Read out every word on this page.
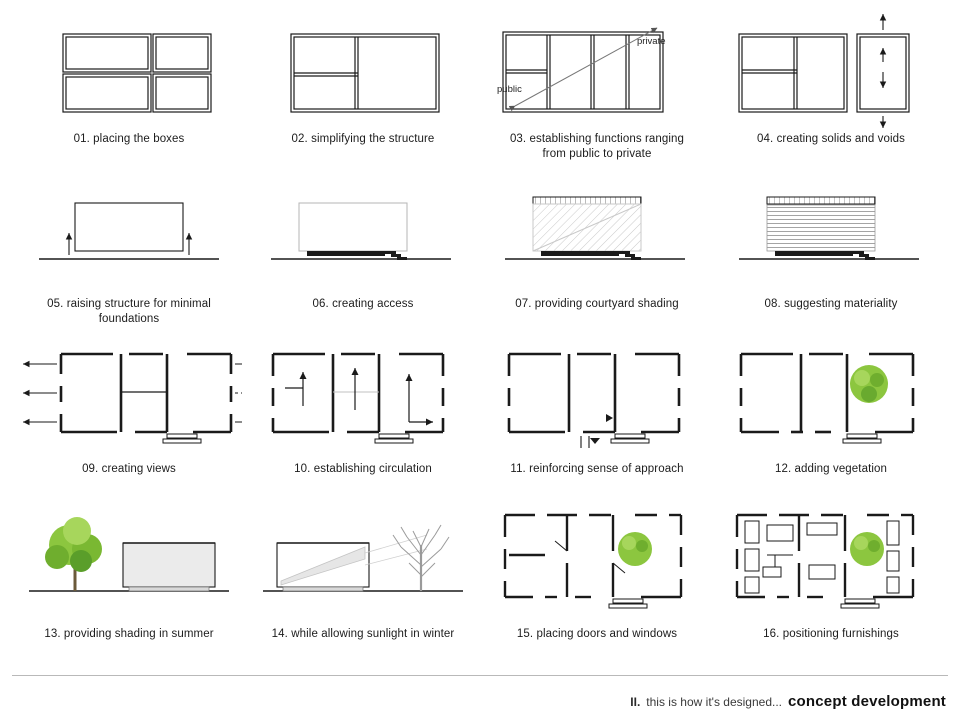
01. placing the boxes	02. simplifying the structure
public
private
03. establishing functions ranging
from public to private
04. creating solids and voids
05. raising structure for minimal
foundations
06. creating access	07. providing courtyard shading	08. suggesting materiality
09. creating views	10. establishing circulation	11. reinforcing sense of approach	12. adding vegetation
13. providing shading in summer	14. while allowing sunlight in winter	15. placing doors and windows	16. positioning furnishings
II. this is how it's designed... concept development
